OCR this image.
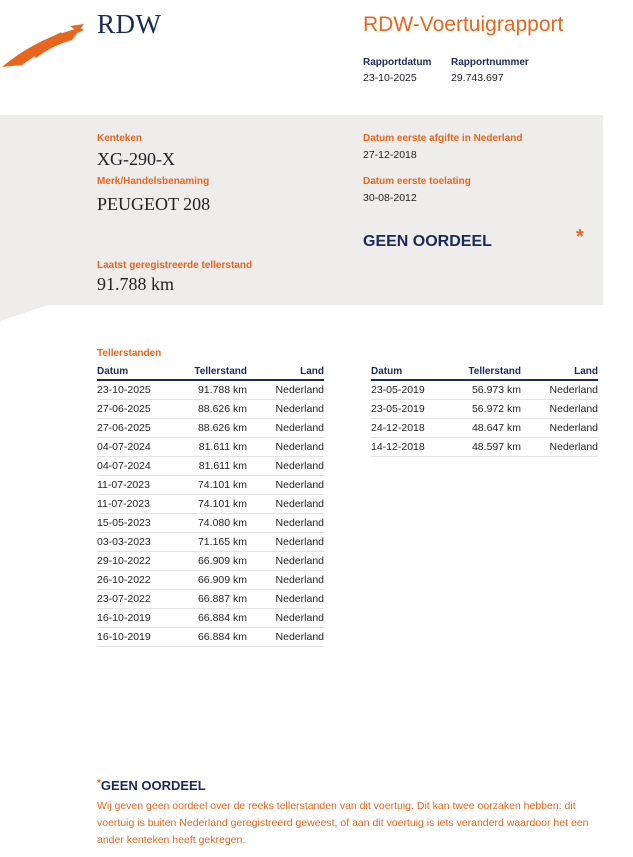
RDW	RDW-Voertuigrapport
Rapportdatum
23-10-2025
Rapportnummer
29.743.697
Kenteken
XG-290-X
Merk/Handelsbenaming
PEUGEOT 208
Datum eerste afgifte in Nederland
27-12-2018
Datum eerste toelating
30-08-2012
GEEN OORDEEL	*
Laatst geregistreerde tellerstand
91.788 km
Tellerstanden
Datum	Tellerstand	Land
23-10-2025	91.788 km	Nederland
27-06-2025	88.626 km	Nederland
27-06-2025	88.626 km	Nederland
04-07-2024	81.611 km	Nederland
04-07-2024	81.611 km	Nederland
11-07-2023	74.101 km	Nederland
11-07-2023	74.101 km	Nederland
15-05-2023	74.080 km	Nederland
03-03-2023	71.165 km	Nederland
29-10-2022	66.909 km	Nederland
26-10-2022	66.909 km	Nederland
23-07-2022	66.887 km	Nederland
16-10-2019	66.884 km	Nederland
16-10-2019	66.884 km	Nederland
Datum	Tellerstand	Land
23-05-2019	56.973 km	Nederland
23-05-2019	56.972 km	Nederland
24-12-2018	48.647 km	Nederland
14-12-2018	48.597 km	Nederland
*GEEN OORDEEL
Wij geven geen oordeel over de reeks tellerstanden van dit voertuig. Dit kan twee oorzaken hebben: dit voertuig is buiten Nederland geregistreerd geweest, of aan dit voertuig is iets veranderd waardoor het een ander kenteken heeft gekregen.
